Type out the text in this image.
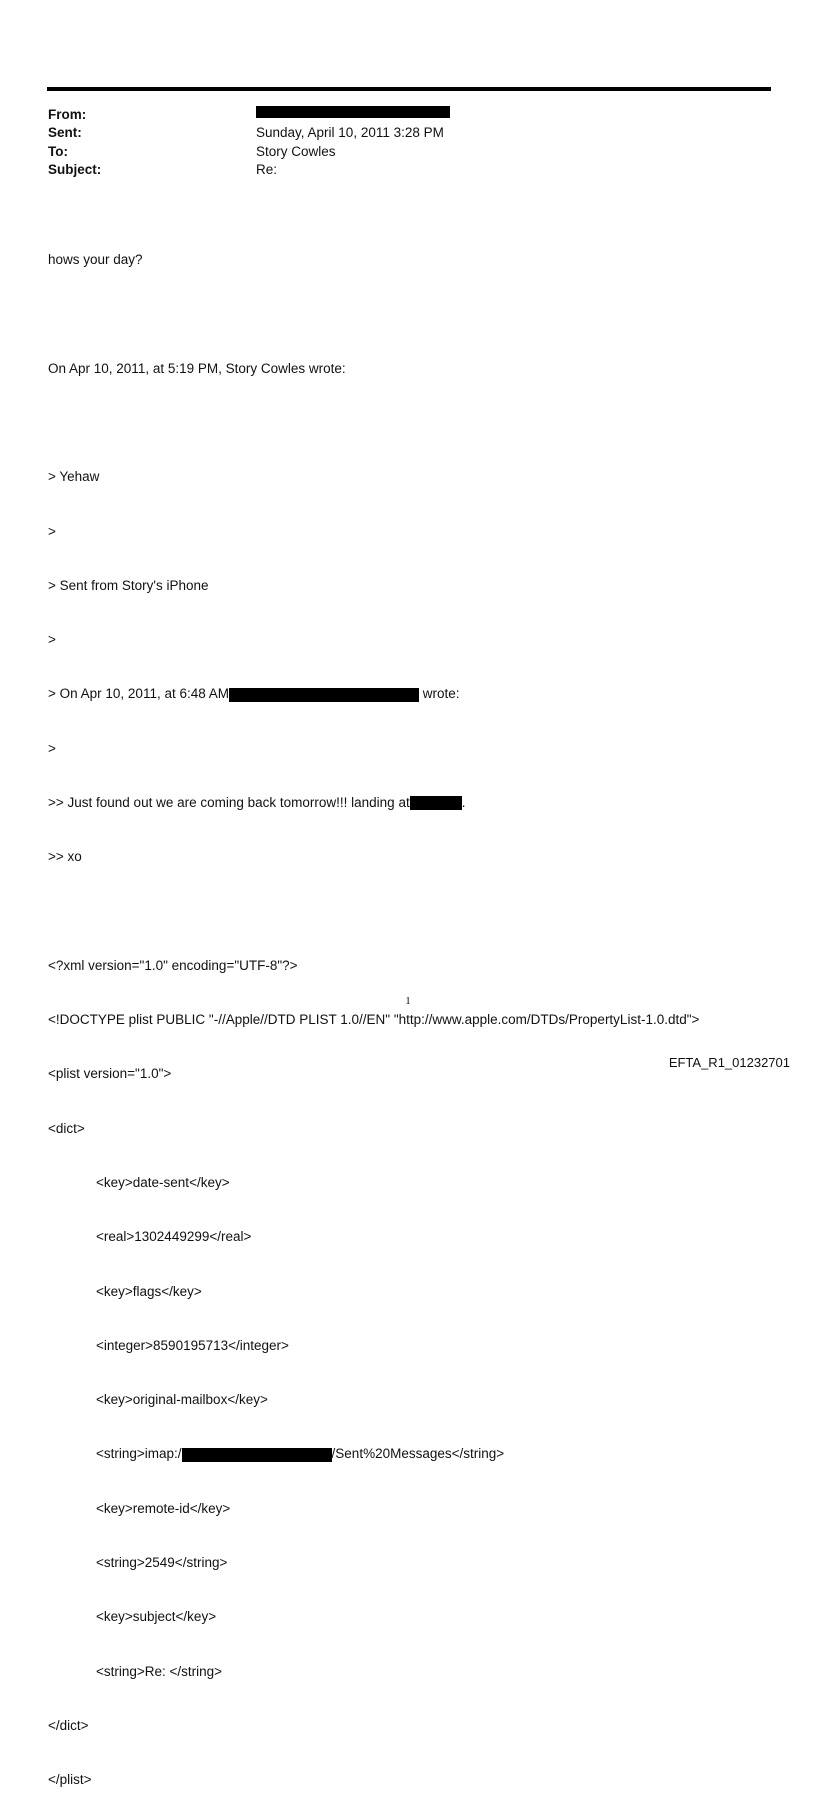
From:
Sent:	Sunday, April 10, 2011 3:28 PM
To:	Story Cowles
Subject:	Re:

hows your day?

On Apr 10, 2011, at 5:19 PM, Story Cowles wrote:

> Yehaw

>

> Sent from Story's iPhone

>

> On Apr 10, 2011, at 6:48 AM	wrote:

>

>> Just found out we are coming back tomorrow!!! landing at	.

>> xo

<?xml version="1.0" encoding="UTF-8"?>

<!DOCTYPE plist PUBLIC "-//Apple//DTD PLIST 1.0//EN" "http://www.apple.com/DTDs/PropertyList-1.0.dtd">

<plist version="1.0">

<dict>

<key>date-sent</key>

<real>1302449299</real>

<key>flags</key>

<integer>8590195713</integer>

<key>original-mailbox</key>

<string>imap:/	/Sent%20Messages</string>

<key>remote-id</key>

<string>2549</string>

<key>subject</key>

<string>Re: </string>

</dict>

</plist>

1
EFTA_R1_01232701
